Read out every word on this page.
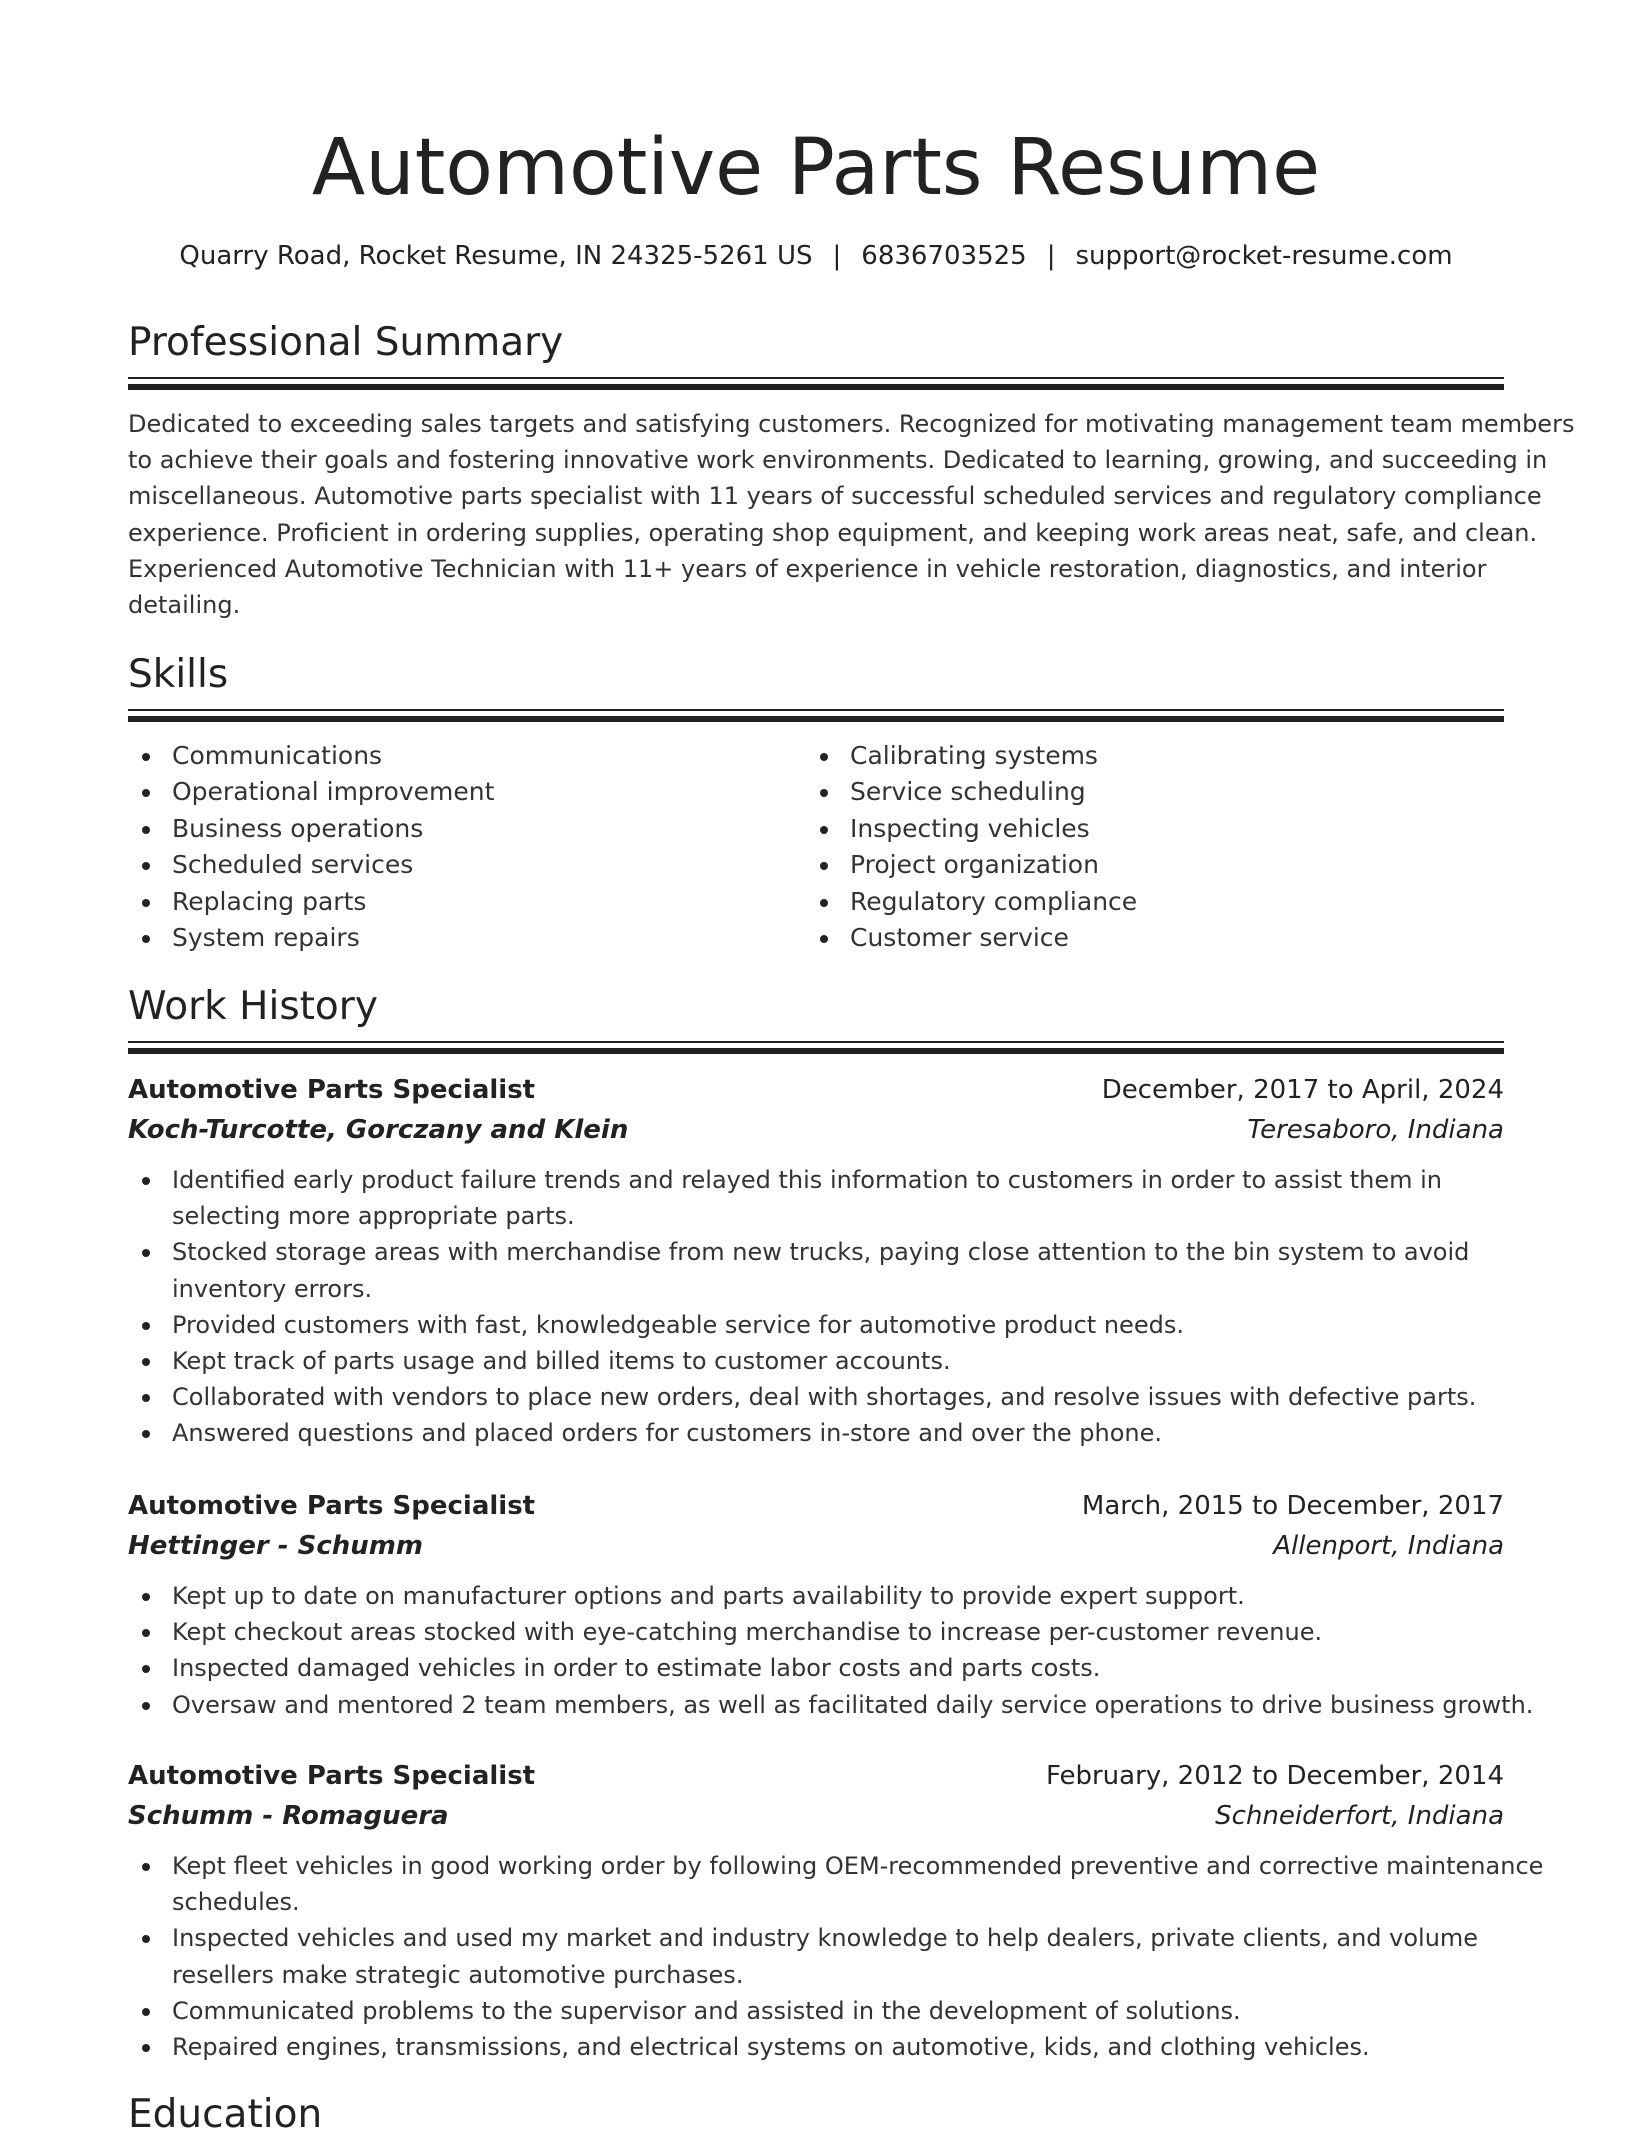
Automotive Parts Resume
Quarry Road, Rocket Resume, IN 24325-5261 US | 6836703525 | support@rocket-resume.com
Professional Summary

Dedicated to exceeding sales targets and satisfying customers. Recognized for motivating management team members
to achieve their goals and fostering innovative work environments. Dedicated to learning, growing, and succeeding in
miscellaneous. Automotive parts specialist with 11 years of successful scheduled services and regulatory compliance
experience. Proficient in ordering supplies, operating shop equipment, and keeping work areas neat, safe, and clean.
Experienced Automotive Technician with 11+ years of experience in vehicle restoration, diagnostics, and interior
detailing.

Skills
Communications
Operational improvement
Business operations
Scheduled services
Replacing parts
System repairs
Calibrating systems
Service scheduling
Inspecting vehicles
Project organization
Regulatory compliance
Customer service
Work History
Automotive Parts Specialist	December, 2017 to April, 2024
Koch-Turcotte, Gorczany and Klein	Teresaboro, Indiana
Identified early product failure trends and relayed this information to customers in order to assist them in
selecting more appropriate parts.
Stocked storage areas with merchandise from new trucks, paying close attention to the bin system to avoid
inventory errors.
Provided customers with fast, knowledgeable service for automotive product needs.
Kept track of parts usage and billed items to customer accounts.
Collaborated with vendors to place new orders, deal with shortages, and resolve issues with defective parts.
Answered questions and placed orders for customers in-store and over the phone.
Automotive Parts Specialist	March, 2015 to December, 2017
Hettinger - Schumm	Allenport, Indiana
Kept up to date on manufacturer options and parts availability to provide expert support.
Kept checkout areas stocked with eye-catching merchandise to increase per-customer revenue.
Inspected damaged vehicles in order to estimate labor costs and parts costs.
Oversaw and mentored 2 team members, as well as facilitated daily service operations to drive business growth.
Automotive Parts Specialist	February, 2012 to December, 2014
Schumm - Romaguera	Schneiderfort, Indiana
Kept fleet vehicles in good working order by following OEM-recommended preventive and corrective maintenance
schedules.
Inspected vehicles and used my market and industry knowledge to help dealers, private clients, and volume
resellers make strategic automotive purchases.
Communicated problems to the supervisor and assisted in the development of solutions.
Repaired engines, transmissions, and electrical systems on automotive, kids, and clothing vehicles.
Education
